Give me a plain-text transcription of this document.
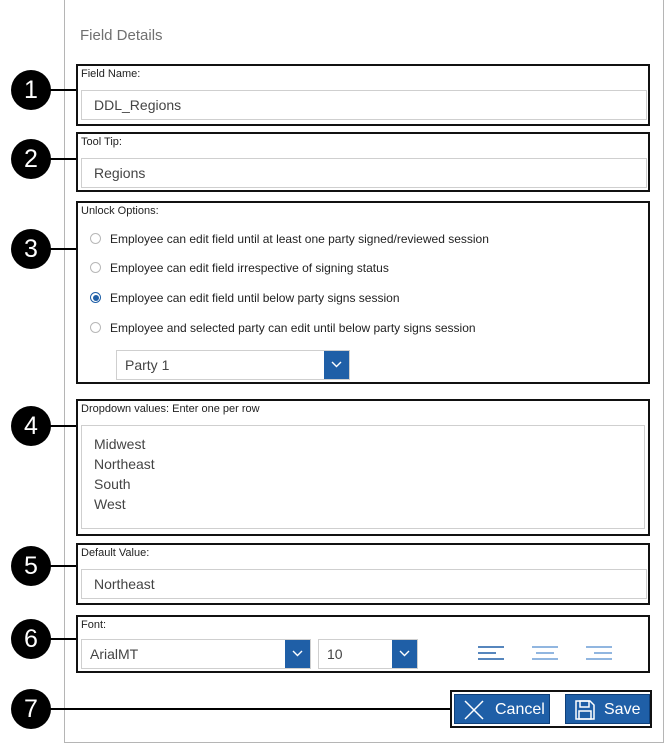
Field Details
1
2
3
4
5
6
7
Field Name:
DDL_Regions
Tool Tip:
Regions
Unlock Options:
Employee can edit field until at least one party signed/reviewed session
Employee can edit field irrespective of signing status
Employee can edit field until below party signs session
Employee and selected party can edit until below party signs session
Party 1
Dropdown values: Enter one per row
Midwest
Northeast
South
West
Default Value:
Northeast
Font:
ArialMT	10
Cancel	Save
